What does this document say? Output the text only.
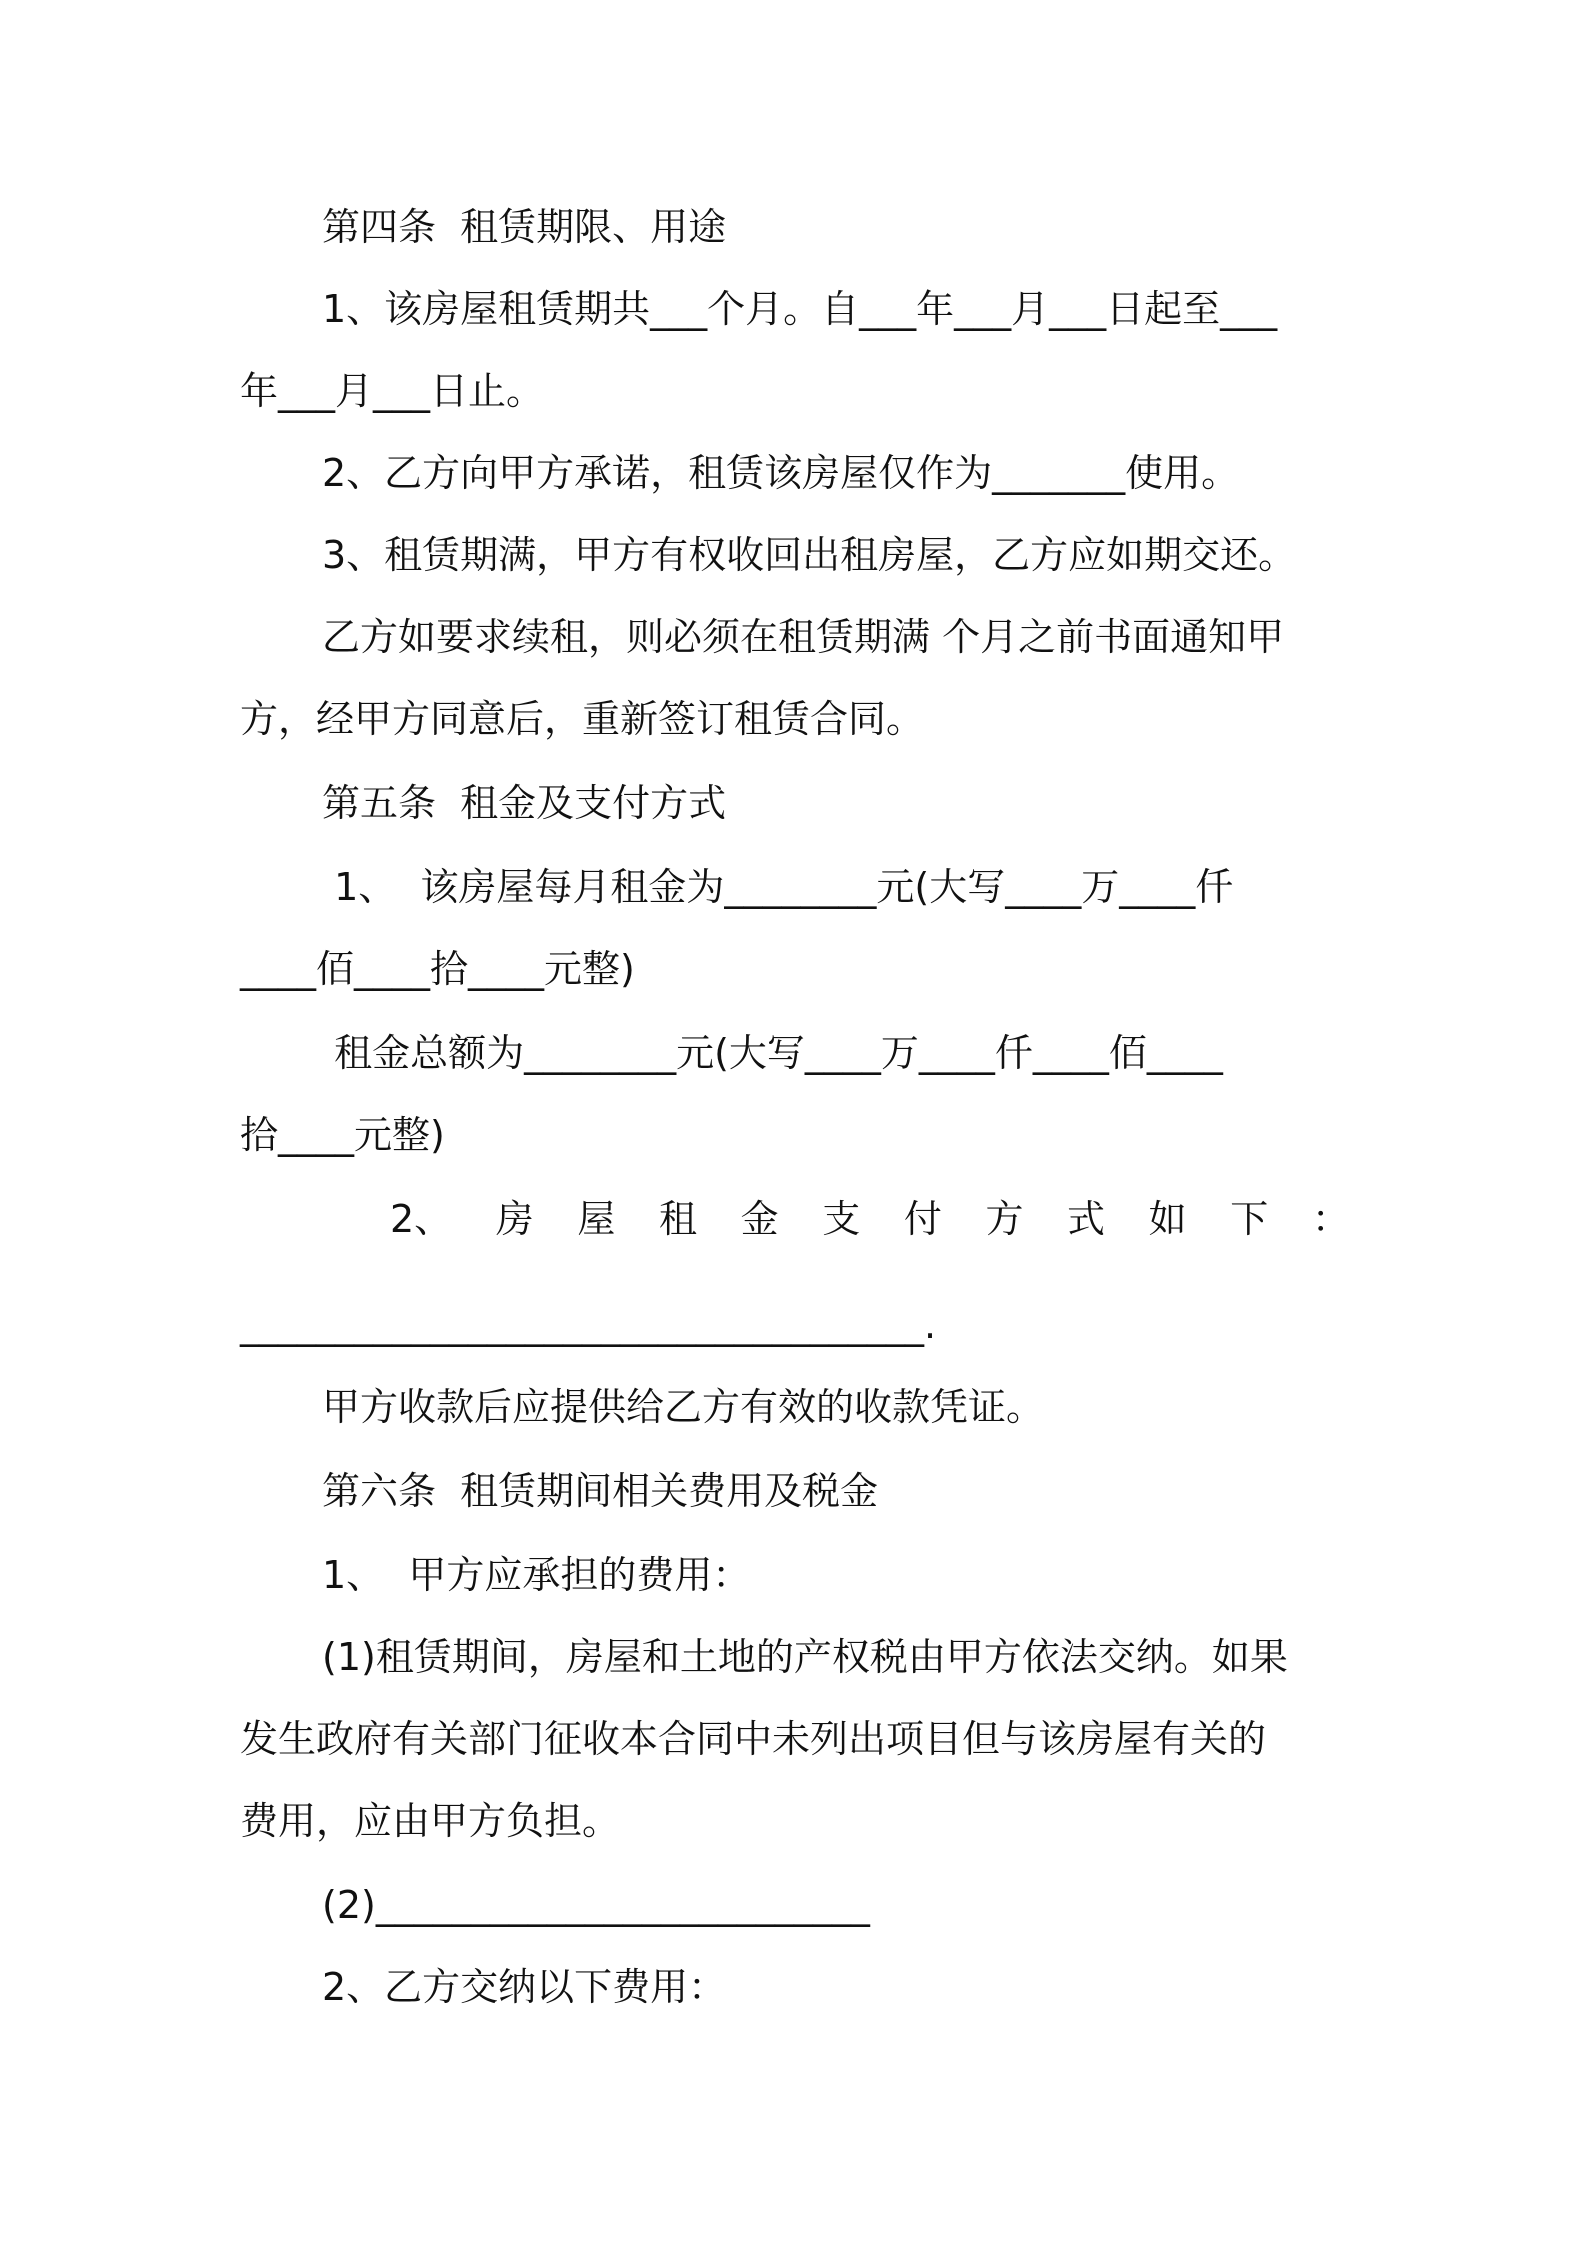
第四条  租赁期限、用途
1、该房屋租赁期共___个月。自___年___月___日起至___
年___月___日止。
2、乙方向甲方承诺，租赁该房屋仅作为_______使用。
3、租赁期满，甲方有权收回出租房屋，乙方应如期交还。
乙方如要求续租，则必须在租赁期满 个月之前书面通知甲
方，经甲方同意后，重新签订租赁合同。
第五条  租金及支付方式
1、  该房屋每月租金为________元(大写____万____仟
____佰____拾____元整)
租金总额为________元(大写____万____仟____佰____
拾____元整)
2、 房 屋 租 金 支 付 方 式 如 下 ：
____________________________________.
甲方收款后应提供给乙方有效的收款凭证。
第六条  租赁期间相关费用及税金
1、  甲方应承担的费用：
(1)租赁期间，房屋和土地的产权税由甲方依法交纳。如果
发生政府有关部门征收本合同中未列出项目但与该房屋有关的
费用，应由甲方负担。
(2)__________________________
2、乙方交纳以下费用：
